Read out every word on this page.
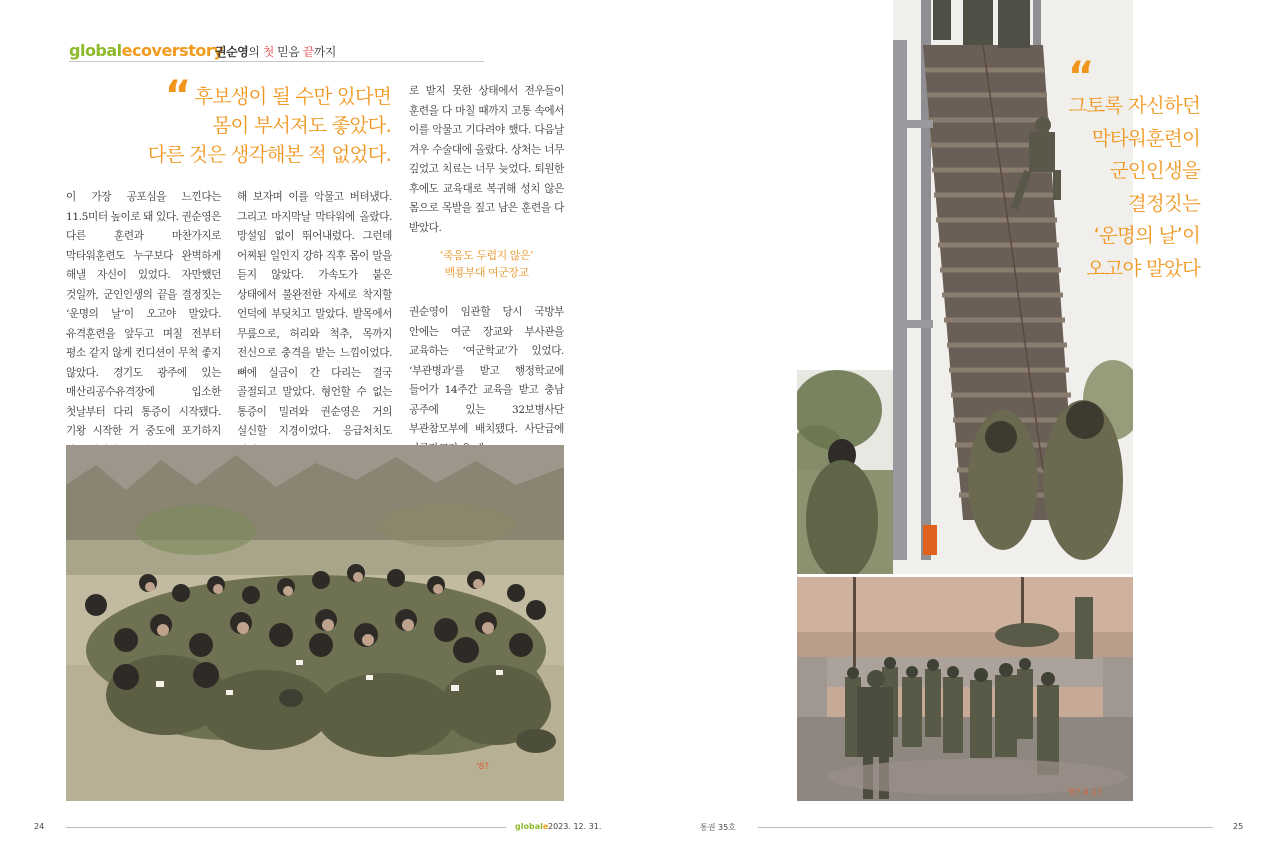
globalecoverstory
권순영의 첫 믿음 끝까지
“ 후보생이 될 수만 있다면
몸이 부서져도 좋았다.
다른 것은 생각해본 적 없었다.
이 가장 공포심을 느낀다는 11.5미터 높이로 돼 있다. 권순영은 다른 훈련과 마찬가지로 막타워훈련도 누구보다 완벽하게 해낼 자신이 있었다. 자만했던 것일까, 군인인생의 끝을 결정짓는 ‘운명의 날’이 오고야 말았다. 유격훈련을 앞두고 며칠 전부터 평소 같지 않게 컨디션이 무척 좋지 않았다. 경기도 광주에 있는 매산리공수유격장에 입소한 첫날부터 다리 통증이 시작됐다. 기왕 시작한 거 중도에 포기하지
해 보자며 이를 악물고 버텨냈다. 그리고 마지막날 막타워에 올랐다. 망설임 없이 뛰어내렸다. 그런데 어찌된 일인지 강하 직후 몸이 말을 듣지 않았다. 가속도가 붙은 상태에서 불완전한 자세로 착지할 언덕에 부딪치고 말았다. 발목에서 무릎으로, 허리와 척추, 목까지 전신으로 충격을 받는 느낌이었다. 뼈에 실금이 간 다리는 결국 골절되고 말았다. 형언할 수 없는 통증이 밀려와 권순영은 거의 실신할 지경이었다. 응급처치도
로 받지 못한 상태에서 전우들이 훈련을 다 마칠 때까지 고통 속에서 이를 악물고 기다려야 했다. 다음날 겨우 수술대에 올랐다. 상처는 너무 깊었고 치료는 너무 늦었다. 퇴원한 후에도 교육대로 복귀해 성치 않은 몸으로 목발을 짚고 남은 훈련을 다 받았다.
‘죽음도 두렵지 않은’
백룡부대 여군장교
권순영이 임관할 당시 국방부 안에는 여군 장교와 부사관을 교육하는 ‘여군학교’가 있었다. ‘부관병과’를 받고 행정학교에 들어가 14주간 교육을 받고 충남 공주에 있는 32보병사단 부관참모부에 배치됐다. 사단급에
'8?
'8? 4 1?
“
그토록 자신하던
막타워훈련이
군인인생을
결정짓는
‘운명의 날’이
오고야 말았다
24	globale 2023. 12. 31.	통권 35호	25
